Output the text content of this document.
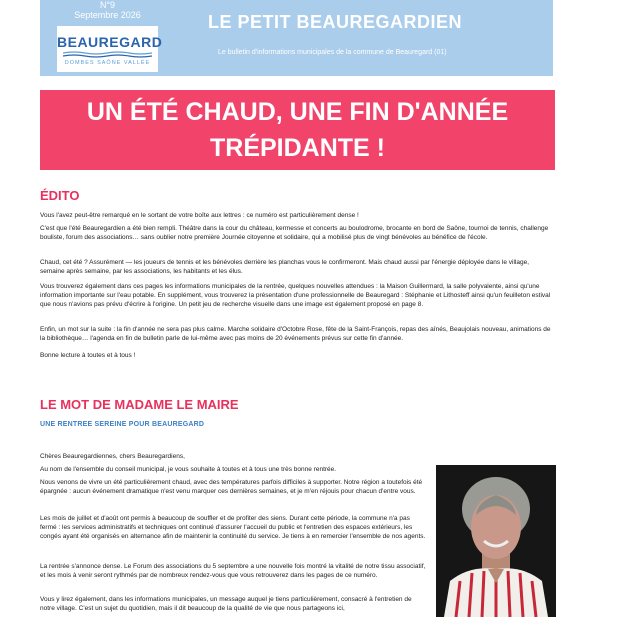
N°9
Septembre 2026
BEAUREGARD
DOMBES SAÔNE VALLÉE
LE PETIT BEAUREGARDIEN
Le bulletin d'informations municipales de la commune de Beauregard (01)
UN ÉTÉ CHAUD, UNE FIN D'ANNÉE
TRÉPIDANTE !
ÉDITO

Vous l'avez peut-être remarqué en le sortant de votre boîte aux lettres : ce numéro est particulièrement dense !

C'est que l'été Beauregardien a été bien rempli. Théâtre dans la cour du château, kermesse et concerts au boulodrome, brocante en bord de Saône, tournoi de tennis, challenge bouliste, forum des associations… sans oublier notre première Journée citoyenne et solidaire, qui a mobilisé plus de vingt bénévoles au bénéfice de l'école.

Chaud, cet été ? Assurément — les joueurs de tennis et les bénévoles derrière les planchas vous le confirmeront. Mais chaud aussi par l'énergie déployée dans le village, semaine après semaine, par les associations, les habitants et les élus.

Vous trouverez également dans ces pages les informations municipales de la rentrée, quelques nouvelles attendues : la Maison Guillermard, la salle polyvalente, ainsi qu'une information importante sur l'eau potable. En supplément, vous trouverez la présentation d'une professionnelle de Beauregard : Stéphanie et Lithosteff ainsi qu'un feuilleton estival que nous n'avions pas prévu d'écrire à l'origine. Un petit jeu de recherche visuelle dans une image est également proposé en page 8.

Enfin, un mot sur la suite : la fin d'année ne sera pas plus calme. Marche solidaire d'Octobre Rose, fête de la Saint-François, repas des aînés, Beaujolais nouveau, animations de la bibliothèque… l'agenda en fin de bulletin parle de lui-même avec pas moins de 20 événements prévus sur cette fin d'année.

Bonne lecture à toutes et à tous !

LE MOT DE MADAME LE MAIRE
UNE RENTREE SEREINE POUR BEAUREGARD

Chères Beauregardiennes, chers Beauregardiens,

Au nom de l'ensemble du conseil municipal, je vous souhaite à toutes et à tous une très bonne rentrée.

Nous venons de vivre un été particulièrement chaud, avec des températures parfois difficiles à supporter. Notre région a toutefois été épargnée : aucun événement dramatique n'est venu marquer ces dernières semaines, et je m'en réjouis pour chacun d'entre vous.

Les mois de juillet et d'août ont permis à beaucoup de souffler et de profiter des siens. Durant cette période, la commune n'a pas fermé : les services administratifs et techniques ont continué d'assurer l'accueil du public et l'entretien des espaces extérieurs, les congés ayant été organisés en alternance afin de maintenir la continuité du service. Je tiens à en remercier l'ensemble de nos agents.

La rentrée s'annonce dense. Le Forum des associations du 5 septembre a une nouvelle fois montré la vitalité de notre tissu associatif, et les mois à venir seront rythmés par de nombreux rendez-vous que vous retrouverez dans les pages de ce numéro.

Vous y lirez également, dans les informations municipales, un message auquel je tiens particulièrement, consacré à l'entretien de notre village. C'est un sujet du quotidien, mais il dit beaucoup de la qualité de vie que nous partageons ici,
